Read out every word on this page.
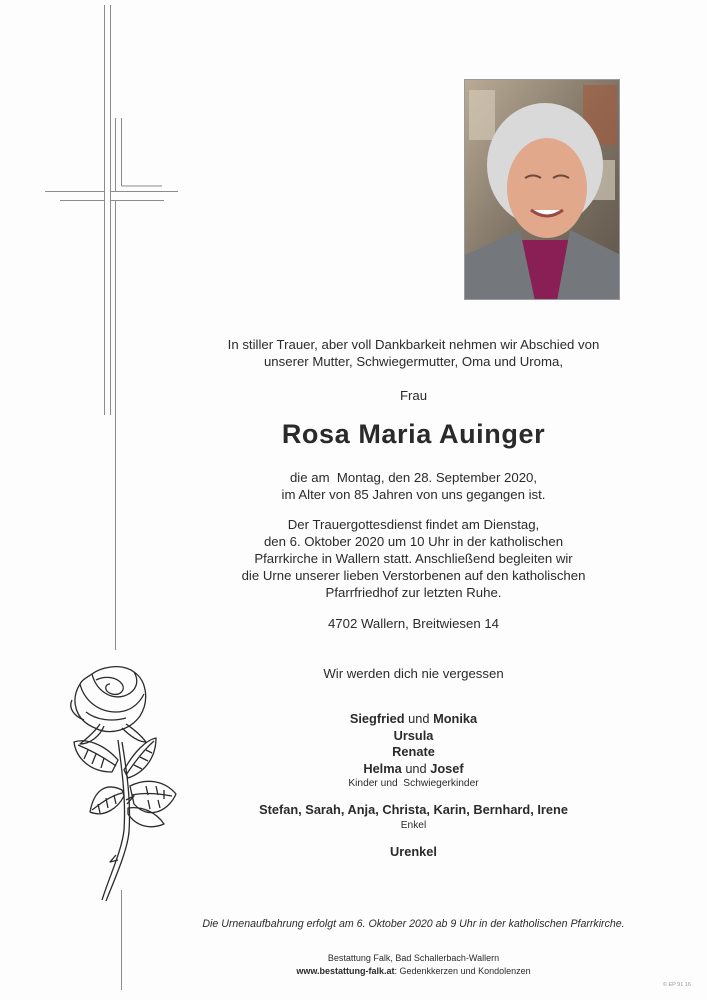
In stiller Trauer, aber voll Dankbarkeit nehmen wir Abschied von

unserer Mutter, Schwiegermutter, Oma und Uroma,

Frau

Rosa Maria Auinger

die am  Montag, den 28. September 2020,

im Alter von 85 Jahren von uns gegangen ist.

Der Trauergottesdienst findet am Dienstag,

den 6. Oktober 2020 um 10 Uhr in der katholischen

Pfarrkirche in Wallern statt. Anschließend begleiten wir

die Urne unserer lieben Verstorbenen auf den katholischen

Pfarrfriedhof zur letzten Ruhe.

4702 Wallern, Breitwiesen 14

Wir werden dich nie vergessen

Siegfried und Monika

Ursula

Renate

Helma und Josef

Kinder und  Schwiegerkinder

Stefan, Sarah, Anja, Christa, Karin, Bernhard, Irene

Enkel

Urenkel

Die Urnenaufbahrung erfolgt am 6. Oktober 2020 ab 9 Uhr in der katholischen Pfarrkirche.

Bestattung Falk, Bad Schallerbach-Wallern

www.bestattung-falk.at: Gedenkkerzen und Kondolenzen

© EP 91 16
